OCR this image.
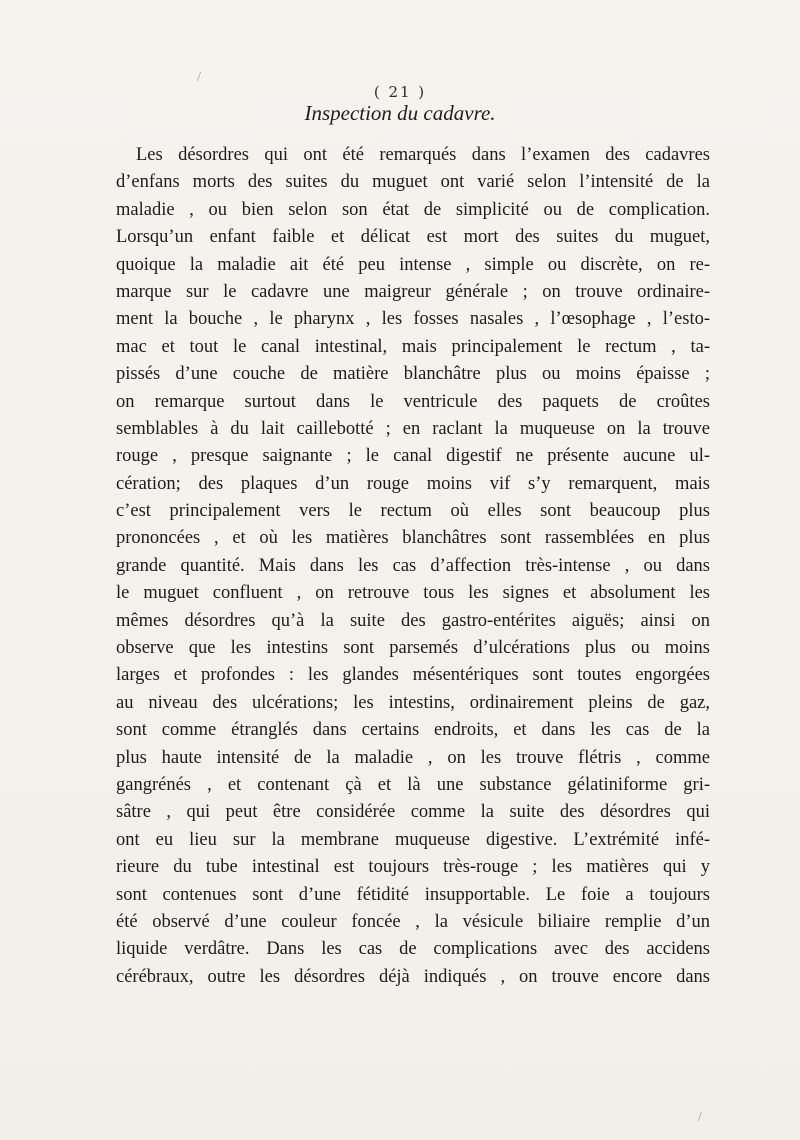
/
/
( 21 )
Inspection du cadavre.
Les désordres qui ont été remarqués dans l’examen des cadavres
d’enfans morts des suites du muguet ont varié selon l’intensité de la
maladie , ou bien selon son état de simplicité ou de complication.
Lorsqu’un enfant faible et délicat est mort des suites du muguet,
quoique la maladie ait été peu intense , simple ou discrète, on re-
marque sur le cadavre une maigreur générale ; on trouve ordinaire-
ment la bouche , le pharynx , les fosses nasales , l’œsophage , l’esto-
mac et tout le canal intestinal, mais principalement le rectum , ta-
pissés d’une couche de matière blanchâtre plus ou moins épaisse ;
on remarque surtout dans le ventricule des paquets de croûtes
semblables à du lait caillebotté ; en raclant la muqueuse on la trouve
rouge , presque saignante ; le canal digestif ne présente aucune ul-
cération; des plaques d’un rouge moins vif s’y remarquent, mais
c’est principalement vers le rectum où elles sont beaucoup plus
prononcées , et où les matières blanchâtres sont rassemblées en plus
grande quantité. Mais dans les cas d’affection très-intense , ou dans
le muguet confluent , on retrouve tous les signes et absolument les
mêmes désordres qu’à la suite des gastro-entérites aiguës; ainsi on
observe que les intestins sont parsemés d’ulcérations plus ou moins
larges et profondes : les glandes mésentériques sont toutes engorgées
au niveau des ulcérations; les intestins, ordinairement pleins de gaz,
sont comme étranglés dans certains endroits, et dans les cas de la
plus haute intensité de la maladie , on les trouve flétris , comme
gangrénés , et contenant çà et là une substance gélatiniforme gri-
sâtre , qui peut être considérée comme la suite des désordres qui
ont eu lieu sur la membrane muqueuse digestive. L’extrémité infé-
rieure du tube intestinal est toujours très-rouge ; les matières qui y
sont contenues sont d’une fétidité insupportable. Le foie a toujours
été observé d’une couleur foncée , la vésicule biliaire remplie d’un
liquide verdâtre. Dans les cas de complications avec des accidens
cérébraux, outre les désordres déjà indiqués , on trouve encore dans
